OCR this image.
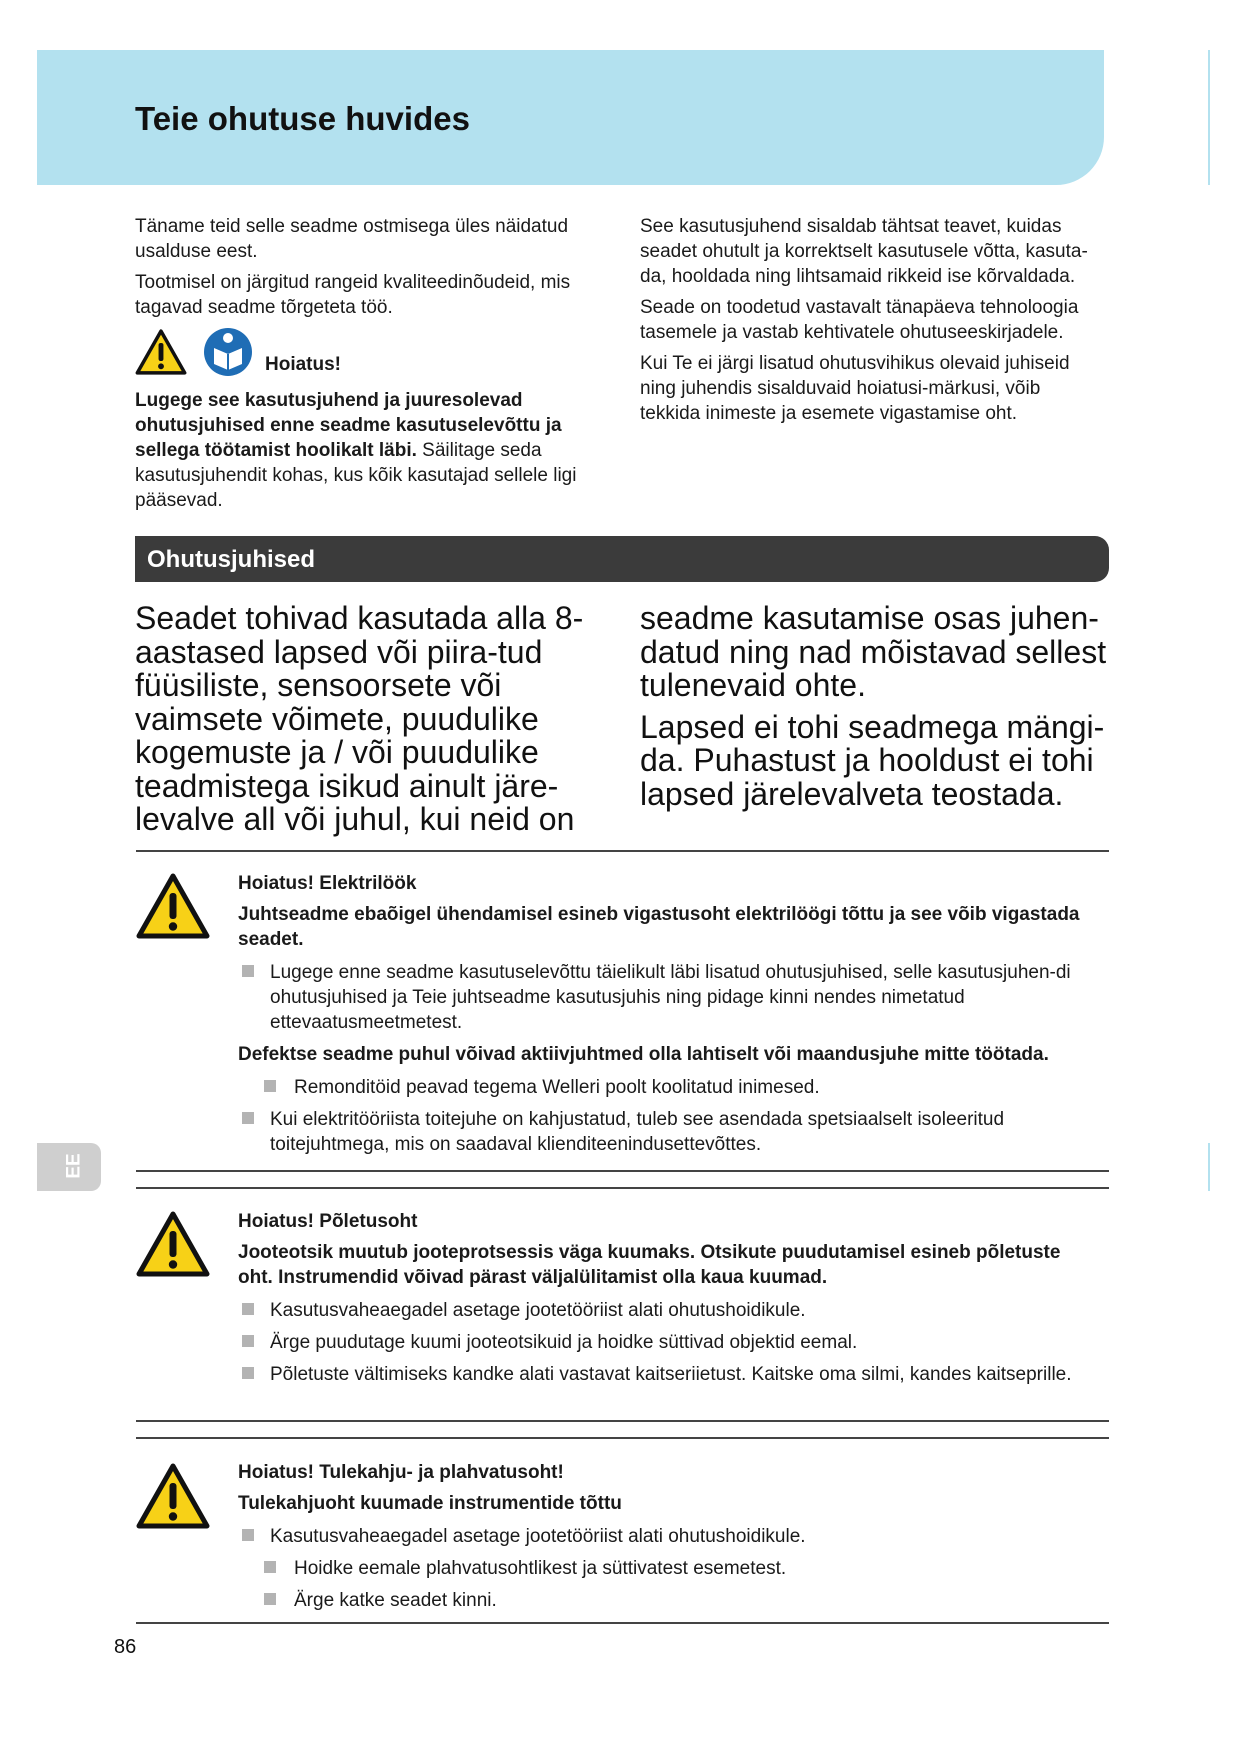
Teie ohutuse huvides

Täname teid selle seadme ostmisega üles näidatud usalduse eest.

Tootmisel on järgitud rangeid kvaliteedinõudeid, mis tagavad seadme tõrgeteta töö.

Hoiatus!

Lugege see kasutusjuhend ja juuresolevad ohutusjuhised enne seadme kasutuselevõttu ja sellega töötamist hoolikalt läbi. Säilitage seda kasutusjuhendit kohas, kus kõik kasutajad sellele ligi pääsevad.

See kasutusjuhend sisaldab tähtsat teavet, kuidas seadet ohutult ja korrektselt kasutusele võtta, kasuta-da, hooldada ning lihtsamaid rikkeid ise kõrvaldada.

Seade on toodetud vastavalt tänapäeva tehnoloogia tasemele ja vastab kehtivatele ohutuseeskirjadele.

Kui Te ei järgi lisatud ohutusvihikus olevaid juhiseid ning juhendis sisalduvaid hoiatusi-märkusi, võib tekkida inimeste ja esemete vigastamise oht.

Ohutusjuhised

Seadet tohivad kasutada alla 8-aastased lapsed või piira-tud füüsiliste, sensoorsete või vaimsete võimete, puudulike kogemuste ja / või puudulike teadmistega isikud ainult järe-levalve all või juhul, kui neid on

seadme kasutamise osas juhen-datud ning nad mõistavad sellest tulenevaid ohte.

Lapsed ei tohi seadmega mängi-da. Puhastust ja hooldust ei tohi lapsed järelevalveta teostada.

Hoiatus! Elektrilöök

Juhtseadme ebaõigel ühendamisel esineb vigastusoht elektrilöögi tõttu ja see võib vigastada seadet.

Lugege enne seadme kasutuselevõttu täielikult läbi lisatud ohutusjuhised, selle kasutusjuhen-di ohutusjuhised ja Teie juhtseadme kasutusjuhis ning pidage kinni nendes nimetatud ettevaatusmeetmetest.

Defektse seadme puhul võivad aktiivjuhtmed olla lahtiselt või maandusjuhe mitte töötada.

Remonditöid peavad tegema Welleri poolt koolitatud inimesed.

Kui elektritööriista toitejuhe on kahjustatud, tuleb see asendada spetsiaalselt isoleeritud toitejuhtmega, mis on saadaval klienditeenindusettevõttes.

Hoiatus! Põletusoht

Jooteotsik muutub jooteprotsessis väga kuumaks. Otsikute puudutamisel esineb põletuste oht. Instrumendid võivad pärast väljalülitamist olla kaua kuumad.

Kasutusvaheaegadel asetage jootetööriist alati ohutushoidikule.

Ärge puudutage kuumi jooteotsikuid ja hoidke süttivad objektid eemal.

Põletuste vältimiseks kandke alati vastavat kaitseriietust. Kaitske oma silmi, kandes kaitseprille.

Hoiatus! Tulekahju- ja plahvatusoht!

Tulekahjuoht kuumade instrumentide tõttu

Kasutusvaheaegadel asetage jootetööriist alati ohutushoidikule.

Hoidke eemale plahvatusohtlikest ja süttivatest esemetest.

Ärge katke seadet kinni.

EE
86
